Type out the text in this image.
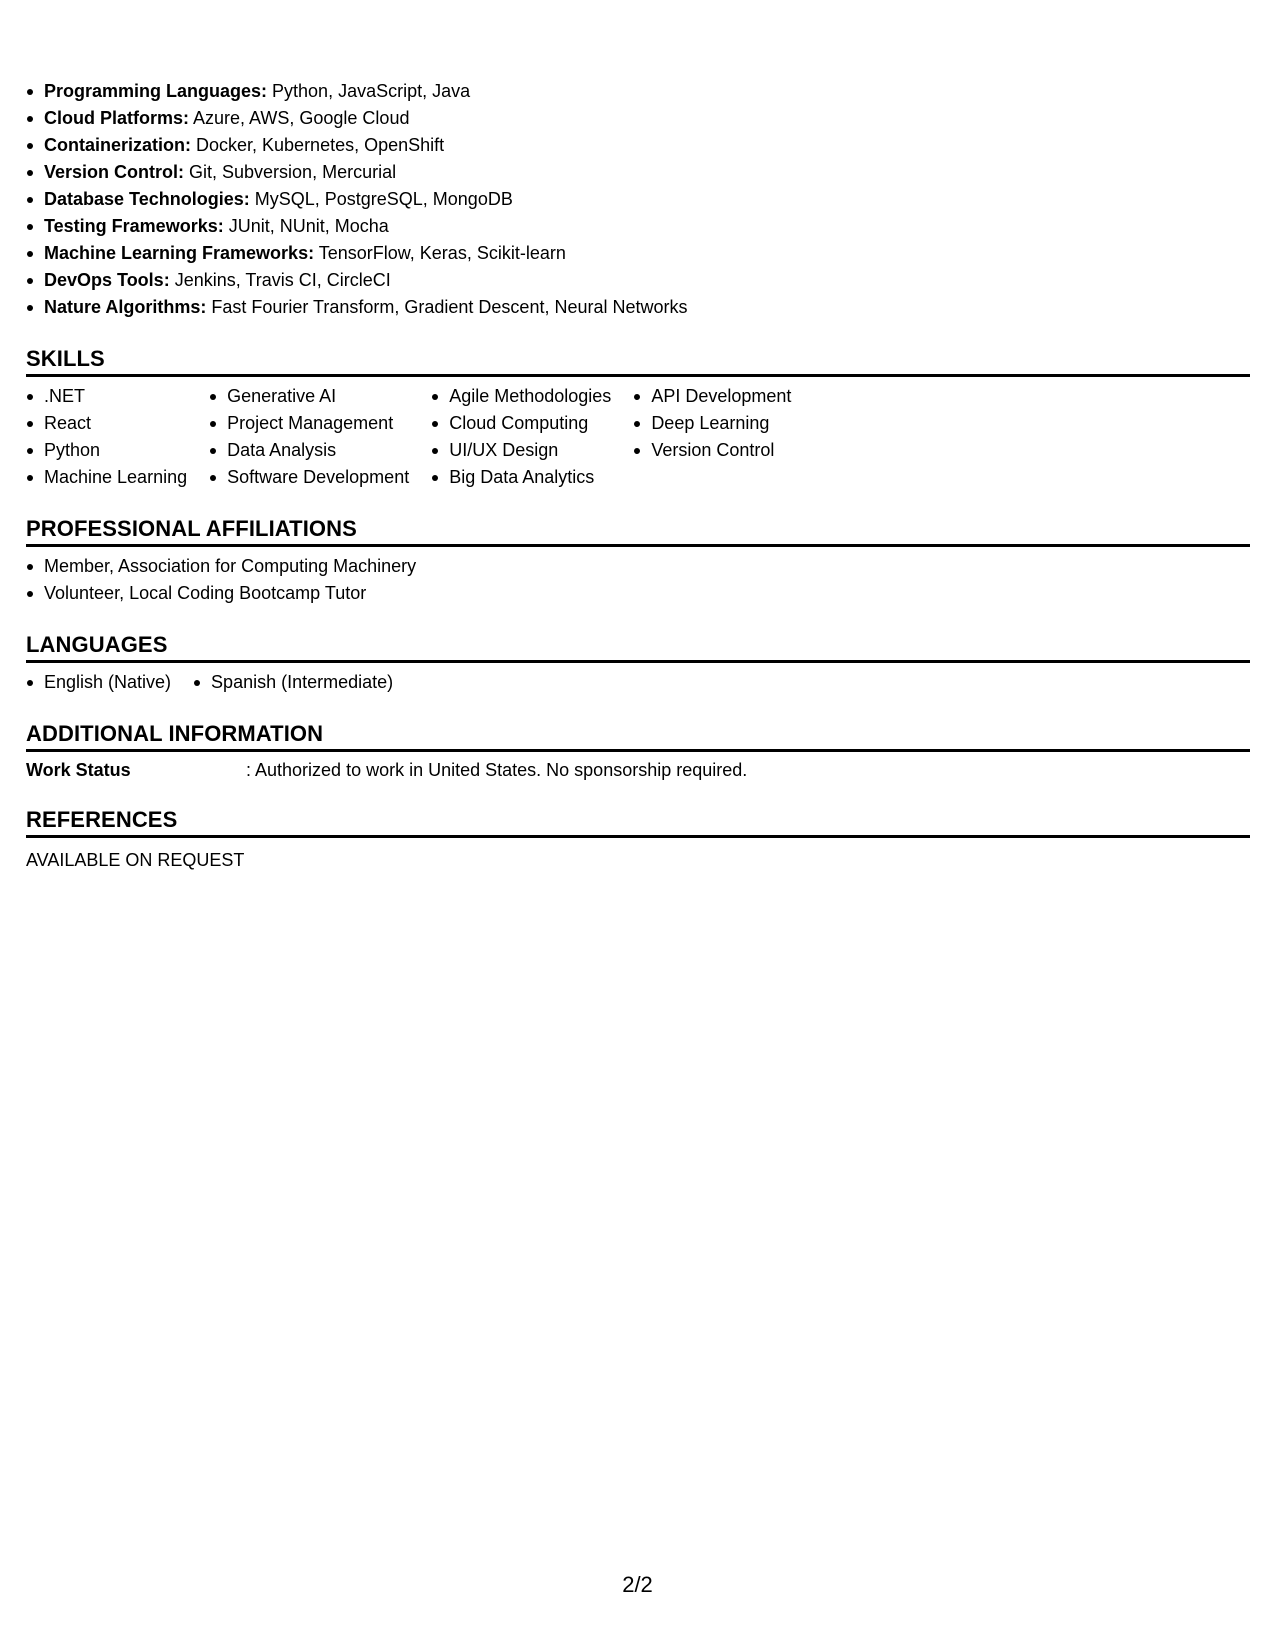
Programming Languages: Python, JavaScript, Java
Cloud Platforms: Azure, AWS, Google Cloud
Containerization: Docker, Kubernetes, OpenShift
Version Control: Git, Subversion, Mercurial
Database Technologies: MySQL, PostgreSQL, MongoDB
Testing Frameworks: JUnit, NUnit, Mocha
Machine Learning Frameworks: TensorFlow, Keras, Scikit-learn
DevOps Tools: Jenkins, Travis CI, CircleCI
Nature Algorithms: Fast Fourier Transform, Gradient Descent, Neural Networks
SKILLS
.NET
React
Python
Machine Learning
Generative AI
Project Management
Data Analysis
Software Development
Agile Methodologies
Cloud Computing
UI/UX Design
Big Data Analytics
API Development
Deep Learning
Version Control
PROFESSIONAL AFFILIATIONS
Member, Association for Computing Machinery
Volunteer, Local Coding Bootcamp Tutor
LANGUAGES
English (Native)	Spanish (Intermediate)
ADDITIONAL INFORMATION
Work Status	: Authorized to work in United States. No sponsorship required.
REFERENCES
AVAILABLE ON REQUEST
2/2
